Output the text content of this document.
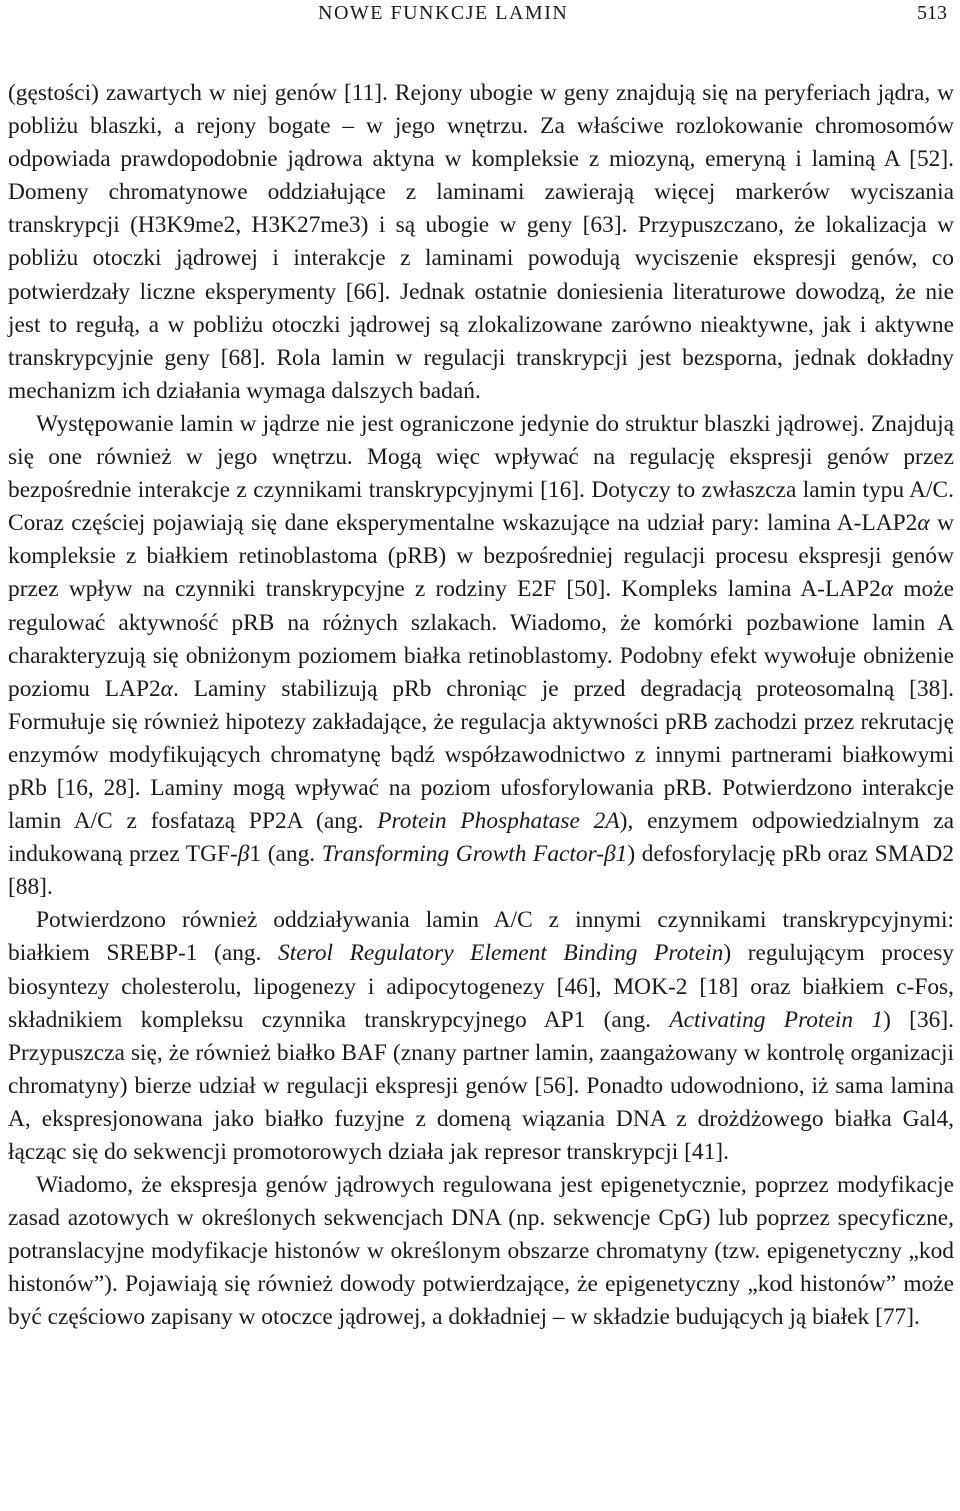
NOWE FUNKCJE LAMIN	513

(gęstości) zawartych w niej genów [11]. Rejony ubogie w geny znajdują się na peryferiach jądra, w pobliżu blaszki, a rejony bogate – w jego wnętrzu. Za właściwe rozlokowanie chromosomów odpowiada prawdopodobnie jądrowa aktyna w kompleksie z miozyną, emeryną i laminą A [52]. Domeny chromatynowe oddziałujące z laminami zawierają więcej markerów wyciszania transkrypcji (H3K9me2, H3K27me3) i są ubogie w geny [63]. Przypuszczano, że lokalizacja w pobliżu otoczki jądrowej i interakcje z laminami powodują wyciszenie ekspresji genów, co potwierdzały liczne eksperymenty [66]. Jednak ostatnie doniesienia literaturowe dowodzą, że nie jest to regułą, a w pobliżu otoczki jądrowej są zlokalizowane zarówno nieaktywne, jak i aktywne transkrypcyjnie geny [68]. Rola lamin w regulacji transkrypcji jest bezsporna, jednak dokładny mechanizm ich działania wymaga dalszych badań.

Występowanie lamin w jądrze nie jest ograniczone jedynie do struktur blaszki jądrowej. Znajdują się one również w jego wnętrzu. Mogą więc wpływać na regulację ekspresji genów przez bezpośrednie interakcje z czynnikami transkrypcyjnymi [16]. Dotyczy to zwłaszcza lamin typu A/C. Coraz częściej pojawiają się dane eksperymentalne wskazujące na udział pary: lamina A-LAP2α w kompleksie z białkiem retinoblastoma (pRB) w bezpośredniej regulacji procesu ekspresji genów przez wpływ na czynniki transkrypcyjne z rodziny E2F [50]. Kompleks lamina A-LAP2α może regulować aktywność pRB na różnych szlakach. Wiadomo, że komórki pozbawione lamin A charakteryzują się obniżonym poziomem białka retinoblastomy. Podobny efekt wywołuje obniżenie poziomu LAP2α. Laminy stabilizują pRb chroniąc je przed degradacją proteosomalną [38]. Formułuje się również hipotezy zakładające, że regulacja aktywności pRB zachodzi przez rekrutację enzymów modyfikujących chromatynę bądź współzawodnictwo z innymi partnerami białkowymi pRb [16, 28]. Laminy mogą wpływać na poziom ufosforylowania pRB. Potwierdzono interakcje lamin A/C z fosfatazą PP2A (ang. Protein Phosphatase 2A), enzymem odpowiedzialnym za indukowaną przez TGF-β1 (ang. Transforming Growth Factor-β1) defosforylację pRb oraz SMAD2 [88].

Potwierdzono również oddziaływania lamin A/C z innymi czynnikami transkrypcyjnymi: białkiem SREBP-1 (ang. Sterol Regulatory Element Binding Protein) regulującym procesy biosyntezy cholesterolu, lipogenezy i adipocytogenezy [46], MOK-2 [18] oraz białkiem c-Fos, składnikiem kompleksu czynnika transkrypcyjnego AP1 (ang. Activating Protein 1) [36]. Przypuszcza się, że również białko BAF (znany partner lamin, zaangażowany w kontrolę organizacji chromatyny) bierze udział w regulacji ekspresji genów [56]. Ponadto udowodniono, iż sama lamina A, ekspresjonowana jako białko fuzyjne z domeną wiązania DNA z drożdżowego białka Gal4, łącząc się do sekwencji promotorowych działa jak represor transkrypcji [41].

Wiadomo, że ekspresja genów jądrowych regulowana jest epigenetycznie, poprzez modyfikacje zasad azotowych w określonych sekwencjach DNA (np. sekwencje CpG) lub poprzez specyficzne, potranslacyjne modyfikacje histonów w określonym obszarze chromatyny (tzw. epigenetyczny „kod histonów”). Pojawiają się również dowody potwierdzające, że epigenetyczny „kod histonów” może być częściowo zapisany w otoczce jądrowej, a dokładniej – w składzie budujących ją białek [77].
